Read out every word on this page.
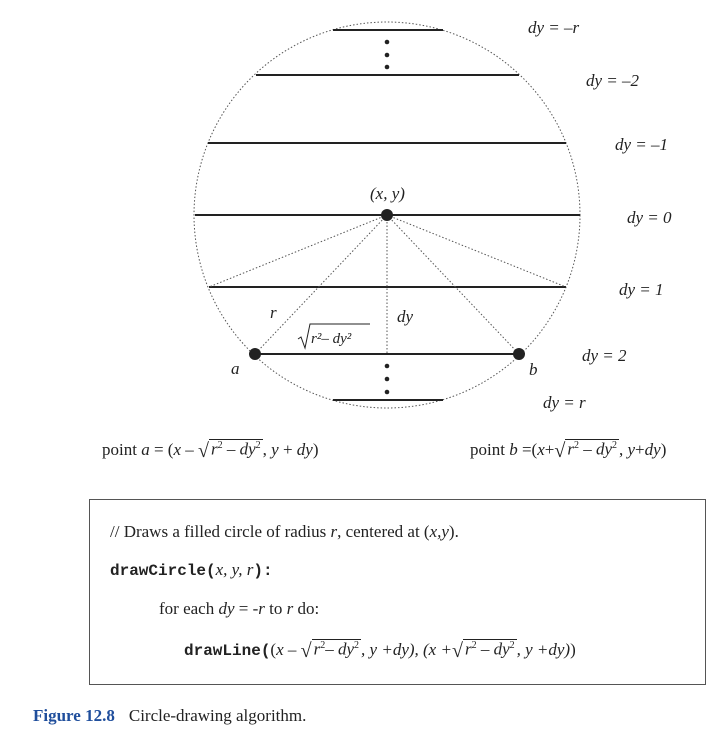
dy = –r
dy = –2
dy = –1
dy = 0
dy = 1
dy = 2
dy = r
(x, y)
r	dy
r²– dy²
a	b
point a = (x – √ $r^2 - dy^2$ , y + dy)	point b =(x+√ $r^2 - dy^2$ , y+dy)
// Draws a filled circle of radius r, centered at (x,y).
drawCircle(x, y, r):
for each dy = -r to r do:
drawLine((x – √ $r^2-$ $dy^2$ , y +dy), (x +√ $r^2 - dy^2$ , y +dy))
Figure 12.8 Circle-drawing algorithm.
